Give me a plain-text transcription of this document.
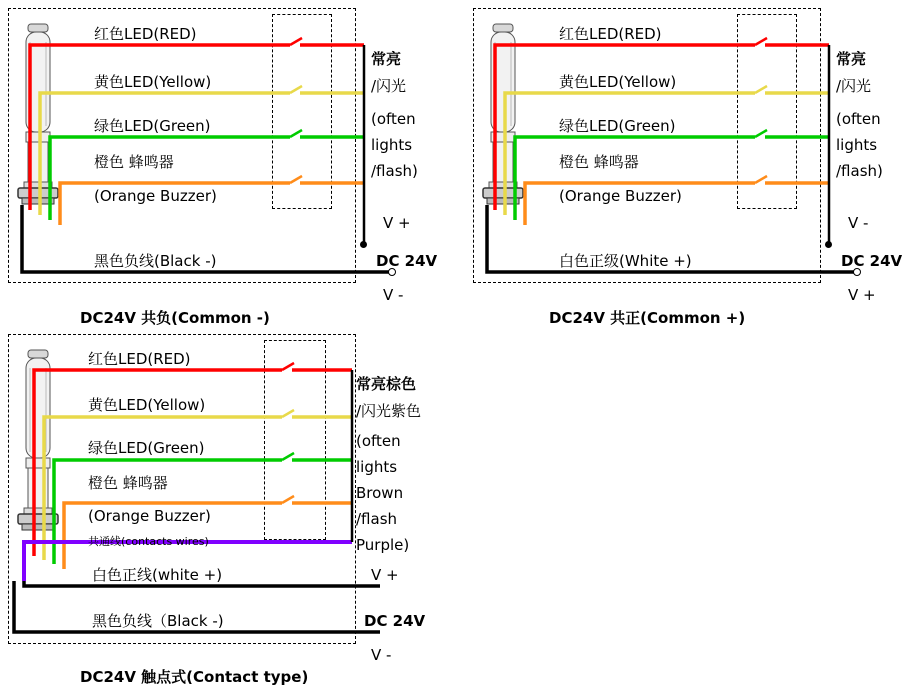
红色LED(RED)
黄色LED(Yellow)
绿色LED(Green)
橙色 蜂鸣器
(Orange Buzzer)
黑色负线(Black -)
常亮
/闪光
(often
lights
/flash)
V +
DC 24V
V -
DC24V 共负(Common -)
红色LED(RED)
黄色LED(Yellow)
绿色LED(Green)
橙色 蜂鸣器
(Orange Buzzer)
白色正级(White +)
常亮
/闪光
(often
lights
/flash)
V -
DC 24V
V +
DC24V 共正(Common +)
红色LED(RED)
黄色LED(Yellow)
绿色LED(Green)
橙色 蜂鸣器
(Orange Buzzer)
共通线(contacts wires)
白色正线(white +)
黑色负线（Black -)
常亮棕色
/闪光紫色
(often
lights
Brown
/flash
Purple)
V +
DC 24V
V -
DC24V 触点式(Contact type)
